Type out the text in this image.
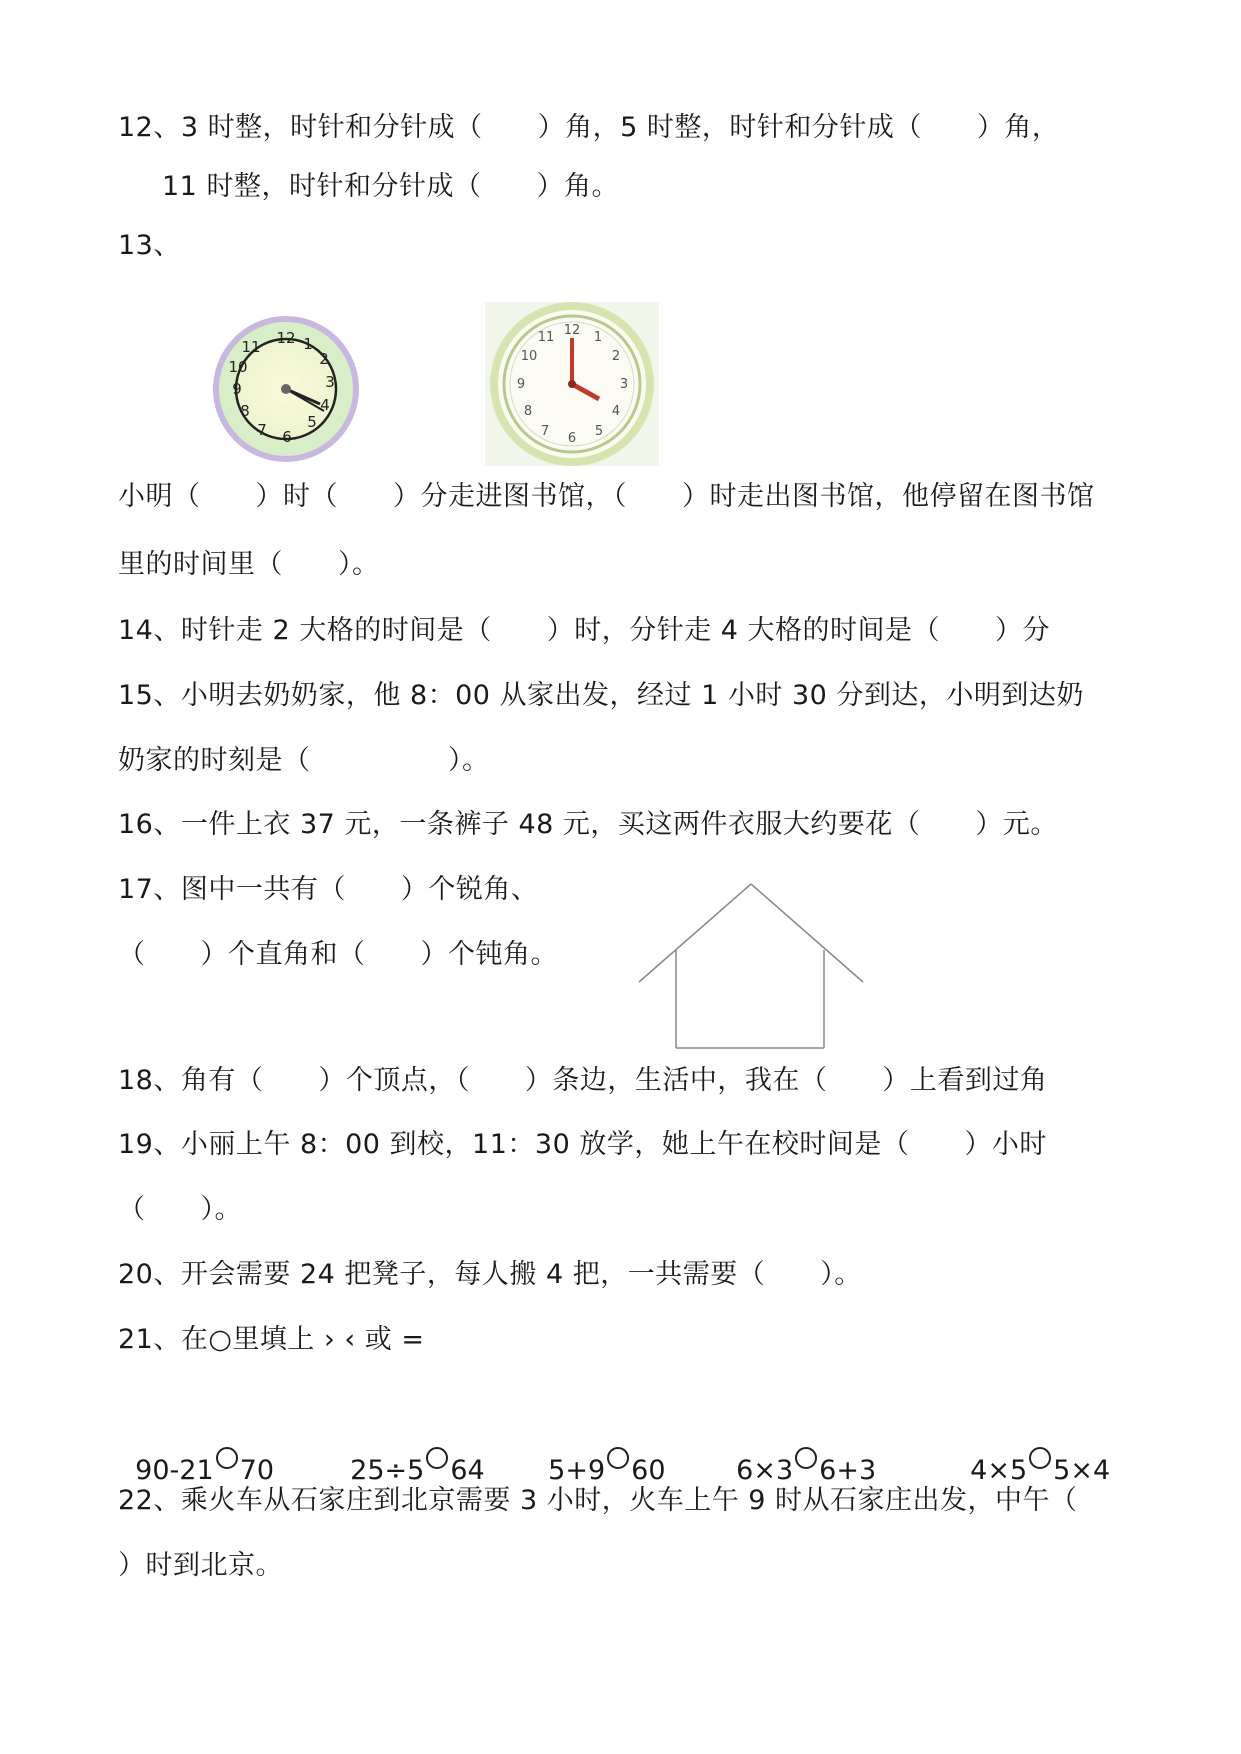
12、3 时整，时针和分针成（　　）角，5 时整，时针和分针成（　　）角，
11 时整，时针和分针成（　　）角。
13、
12 1
2
3
4
5
6
7
8
9
10
11
12 1
2
3
4
5
6
7
8
9
10
11
小明（　　）时（　　）分走进图书馆，（　　）时走出图书馆，他停留在图书馆
里的时间里（　　）。
14、时针走 2 大格的时间是（　　）时，分针走 4 大格的时间是（　　）分
15、小明去奶奶家，他 8：00 从家出发，经过 1 小时 30 分到达，小明到达奶
奶家的时刻是（　　　　　）。
16、一件上衣 37 元，一条裤子 48 元，买这两件衣服大约要花（　　）元。
17、图中一共有（　　）个锐角、
（　　）个直角和（　　）个钝角。
18、角有（　　）个顶点，（　　）条边，生活中，我在（　　）上看到过角
19、小丽上午 8：00 到校，11：30 放学，她上午在校时间是（　　）小时
（　　）。
20、开会需要 24 把凳子，每人搬 4 把，一共需要（　　）。
21、在○里填上 › ‹ 或 =

90-21 70	25÷5 64	5+9 60	6×3 6+3	4×5 5×4

22、乘火车从石家庄到北京需要 3 小时，火车上午 9 时从石家庄出发，中午（
）时到北京。
